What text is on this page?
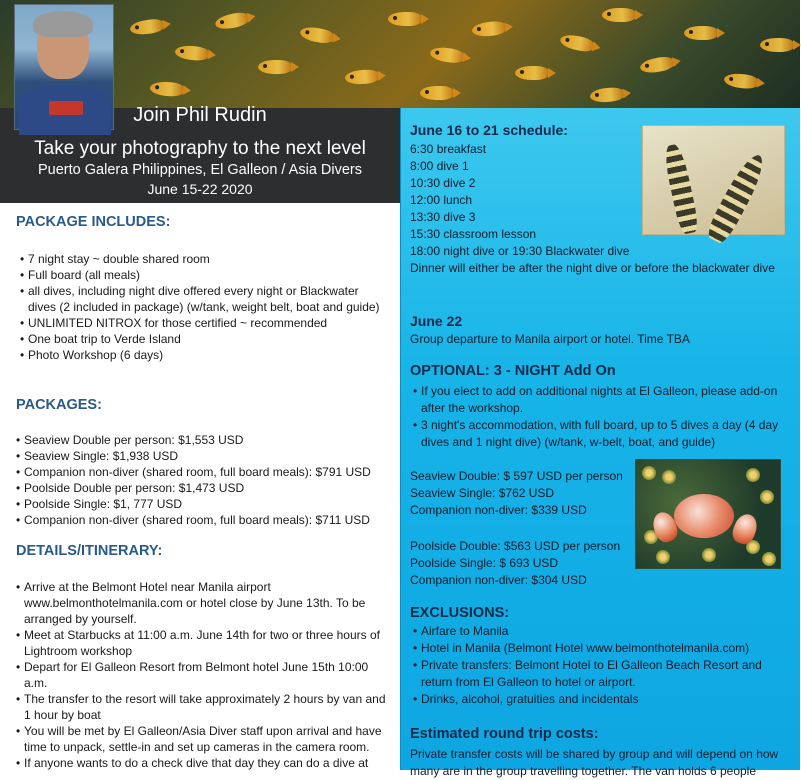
Join Phil Rudin
Take your photography to the next level
Puerto Galera Philippines, El Galleon / Asia Divers
June 15-22 2020
PACKAGE INCLUDES:
• 7 night stay ~ double shared room
• Full board (all meals)
• all dives, including night dive offered every night or Blackwater dives (2 included in package) (w/tank, weight belt, boat and guide)
• UNLIMITED NITROX for those certified ~ recommended
• One boat trip to Verde Island
• Photo Workshop (6 days)
PACKAGES:
• Seaview Double per person: $1,553 USD
• Seaview Single: $1,938 USD
• Companion non-diver (shared room, full board meals): $791 USD
• Poolside Double per person: $1,473 USD
• Poolside Single: $1, 777 USD
• Companion non-diver (shared room, full board meals): $711 USD
DETAILS/ITINERARY:
• Arrive at the Belmont Hotel near Manila airport www.belmonthotelmanila.com or hotel close by June 13th. To be arranged by yourself.
• Meet at Starbucks at 11:00 a.m. June 14th for two or three hours of Lightroom workshop
• Depart for El Galleon Resort from Belmont hotel June 15th 10:00 a.m.
• The transfer to the resort will take approximately 2 hours by van and 1 hour by boat
• You will be met by El Galleon/Asia Diver staff upon arrival and have time to unpack, settle-in and set up cameras in the camera room.
• If anyone wants to do a check dive that day they can do a dive at
June 16 to 21 schedule:
6:30 breakfast
8:00 dive 1
10:30 dive 2
12:00 lunch
13:30 dive 3
15:30 classroom lesson
18:00 night dive or 19:30 Blackwater dive
Dinner will either be after the night dive or before the blackwater dive
June 22
Group departure to Manila airport or hotel. Time TBA
OPTIONAL: 3 - NIGHT Add On
• If you elect to add on additional nights at El Galleon, please add-on after the workshop.
• 3 night's accommodation, with full board, up to 5 dives a day (4 day dives and 1 night dive) (w/tank, w-belt, boat, and guide)
Seaview Double: $ 597 USD per person
Seaview Single: $762 USD
Companion non-diver: $339 USD
Poolside Double: $563 USD per person
Poolside Single: $ 693 USD
Companion non-diver: $304 USD
EXCLUSIONS:
• Airfare to Manila
• Hotel in Manila (Belmont Hotel www.belmonthotelmanila.com)
• Private transfers: Belmont Hotel to El Galleon Beach Resort and return from El Galleon to hotel or airport.
• Drinks, alcohol, gratuities and incidentals
Estimated round trip costs:
Private transfer costs will be shared by group and will depend on how many are in the group travelling together. The van holds 6 people
